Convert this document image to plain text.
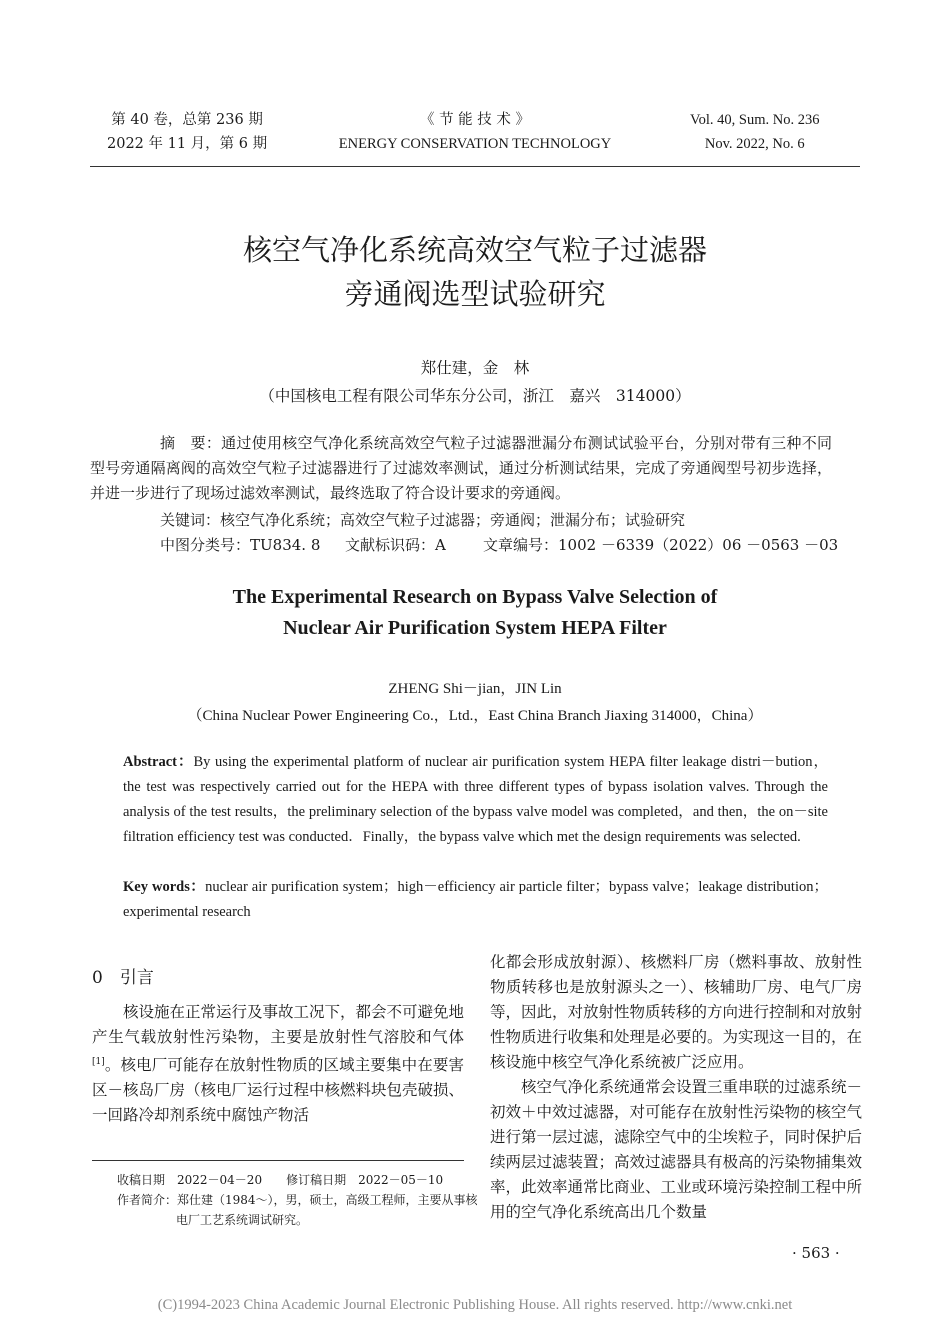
第 40 卷，总第 236 期
2022 年 11 月，第 6 期
《 节 能 技 术 》
ENERGY CONSERVATION TECHNOLOGY
Vol. 40, Sum. No. 236
Nov. 2022, No. 6
核空气净化系统高效空气粒子过滤器
旁通阀选型试验研究
郑仕建，金　林
（中国核电工程有限公司华东分公司，浙江　嘉兴　314000）
摘　要：通过使用核空气净化系统高效空气粒子过滤器泄漏分布测试试验平台，分别对带有三种不同型号旁通隔离阀的高效空气粒子过滤器进行了过滤效率测试，通过分析测试结果，完成了旁通阀型号初步选择，并进一步进行了现场过滤效率测试，最终选取了符合设计要求的旁通阀。
关键词：核空气净化系统；高效空气粒子过滤器；旁通阀；泄漏分布；试验研究
中图分类号：TU834. 8 文献标识码：A 文章编号：1002 －6339（2022）06 －0563 －03
The Experimental Research on Bypass Valve Selection of
Nuclear Air Purification System HEPA Filter
ZHENG Shi－jian，JIN Lin
（China Nuclear Power Engineering Co.，Ltd.，East China Branch Jiaxing 314000，China）
Abstract：By using the experimental platform of nuclear air purification system HEPA filter leakage distri－bution，the test was respectively carried out for the HEPA with three different types of bypass isolation valves. Through the analysis of the test results，the preliminary selection of the bypass valve model was completed，and then，the on－site filtration efficiency test was conducted．Finally，the bypass valve which met the design requirements was selected.
Key words：nuclear air purification system；high－efficiency air particle filter；bypass valve；leakage distribution；experimental research
0　引言

核设施在正常运行及事故工况下，都会不可避免地产生气载放射性污染物，主要是放射性气溶胶和气体[1]。核电厂可能存在放射性物质的区域主要集中在要害区－核岛厂房（核电厂运行过程中核燃料块包壳破损、一回路冷却剂系统中腐蚀产物活

化都会形成放射源）、核燃料厂房（燃料事故、放射性物质转移也是放射源头之一）、核辅助厂房、电气厂房等，因此，对放射性物质转移的方向进行控制和对放射性物质进行收集和处理是必要的。为实现这一目的，在核设施中核空气净化系统被广泛应用。

核空气净化系统通常会设置三重串联的过滤系统－初效＋中效过滤器，对可能存在放射性污染物的核空气进行第一层过滤，滤除空气中的尘埃粒子，同时保护后续两层过滤装置；高效过滤器具有极高的污染物捕集效率，此效率通常比商业、工业或环境污染控制工程中所用的空气净化系统高出几个数量

收稿日期　2022－04－20　　修订稿日期　2022－05－10
作者简介：郑仕建（1984～），男，硕士，高级工程师，主要从事核
电厂工艺系统调试研究。
· 563 ·
(C)1994-2023 China Academic Journal Electronic Publishing House. All rights reserved. http://www.cnki.net
